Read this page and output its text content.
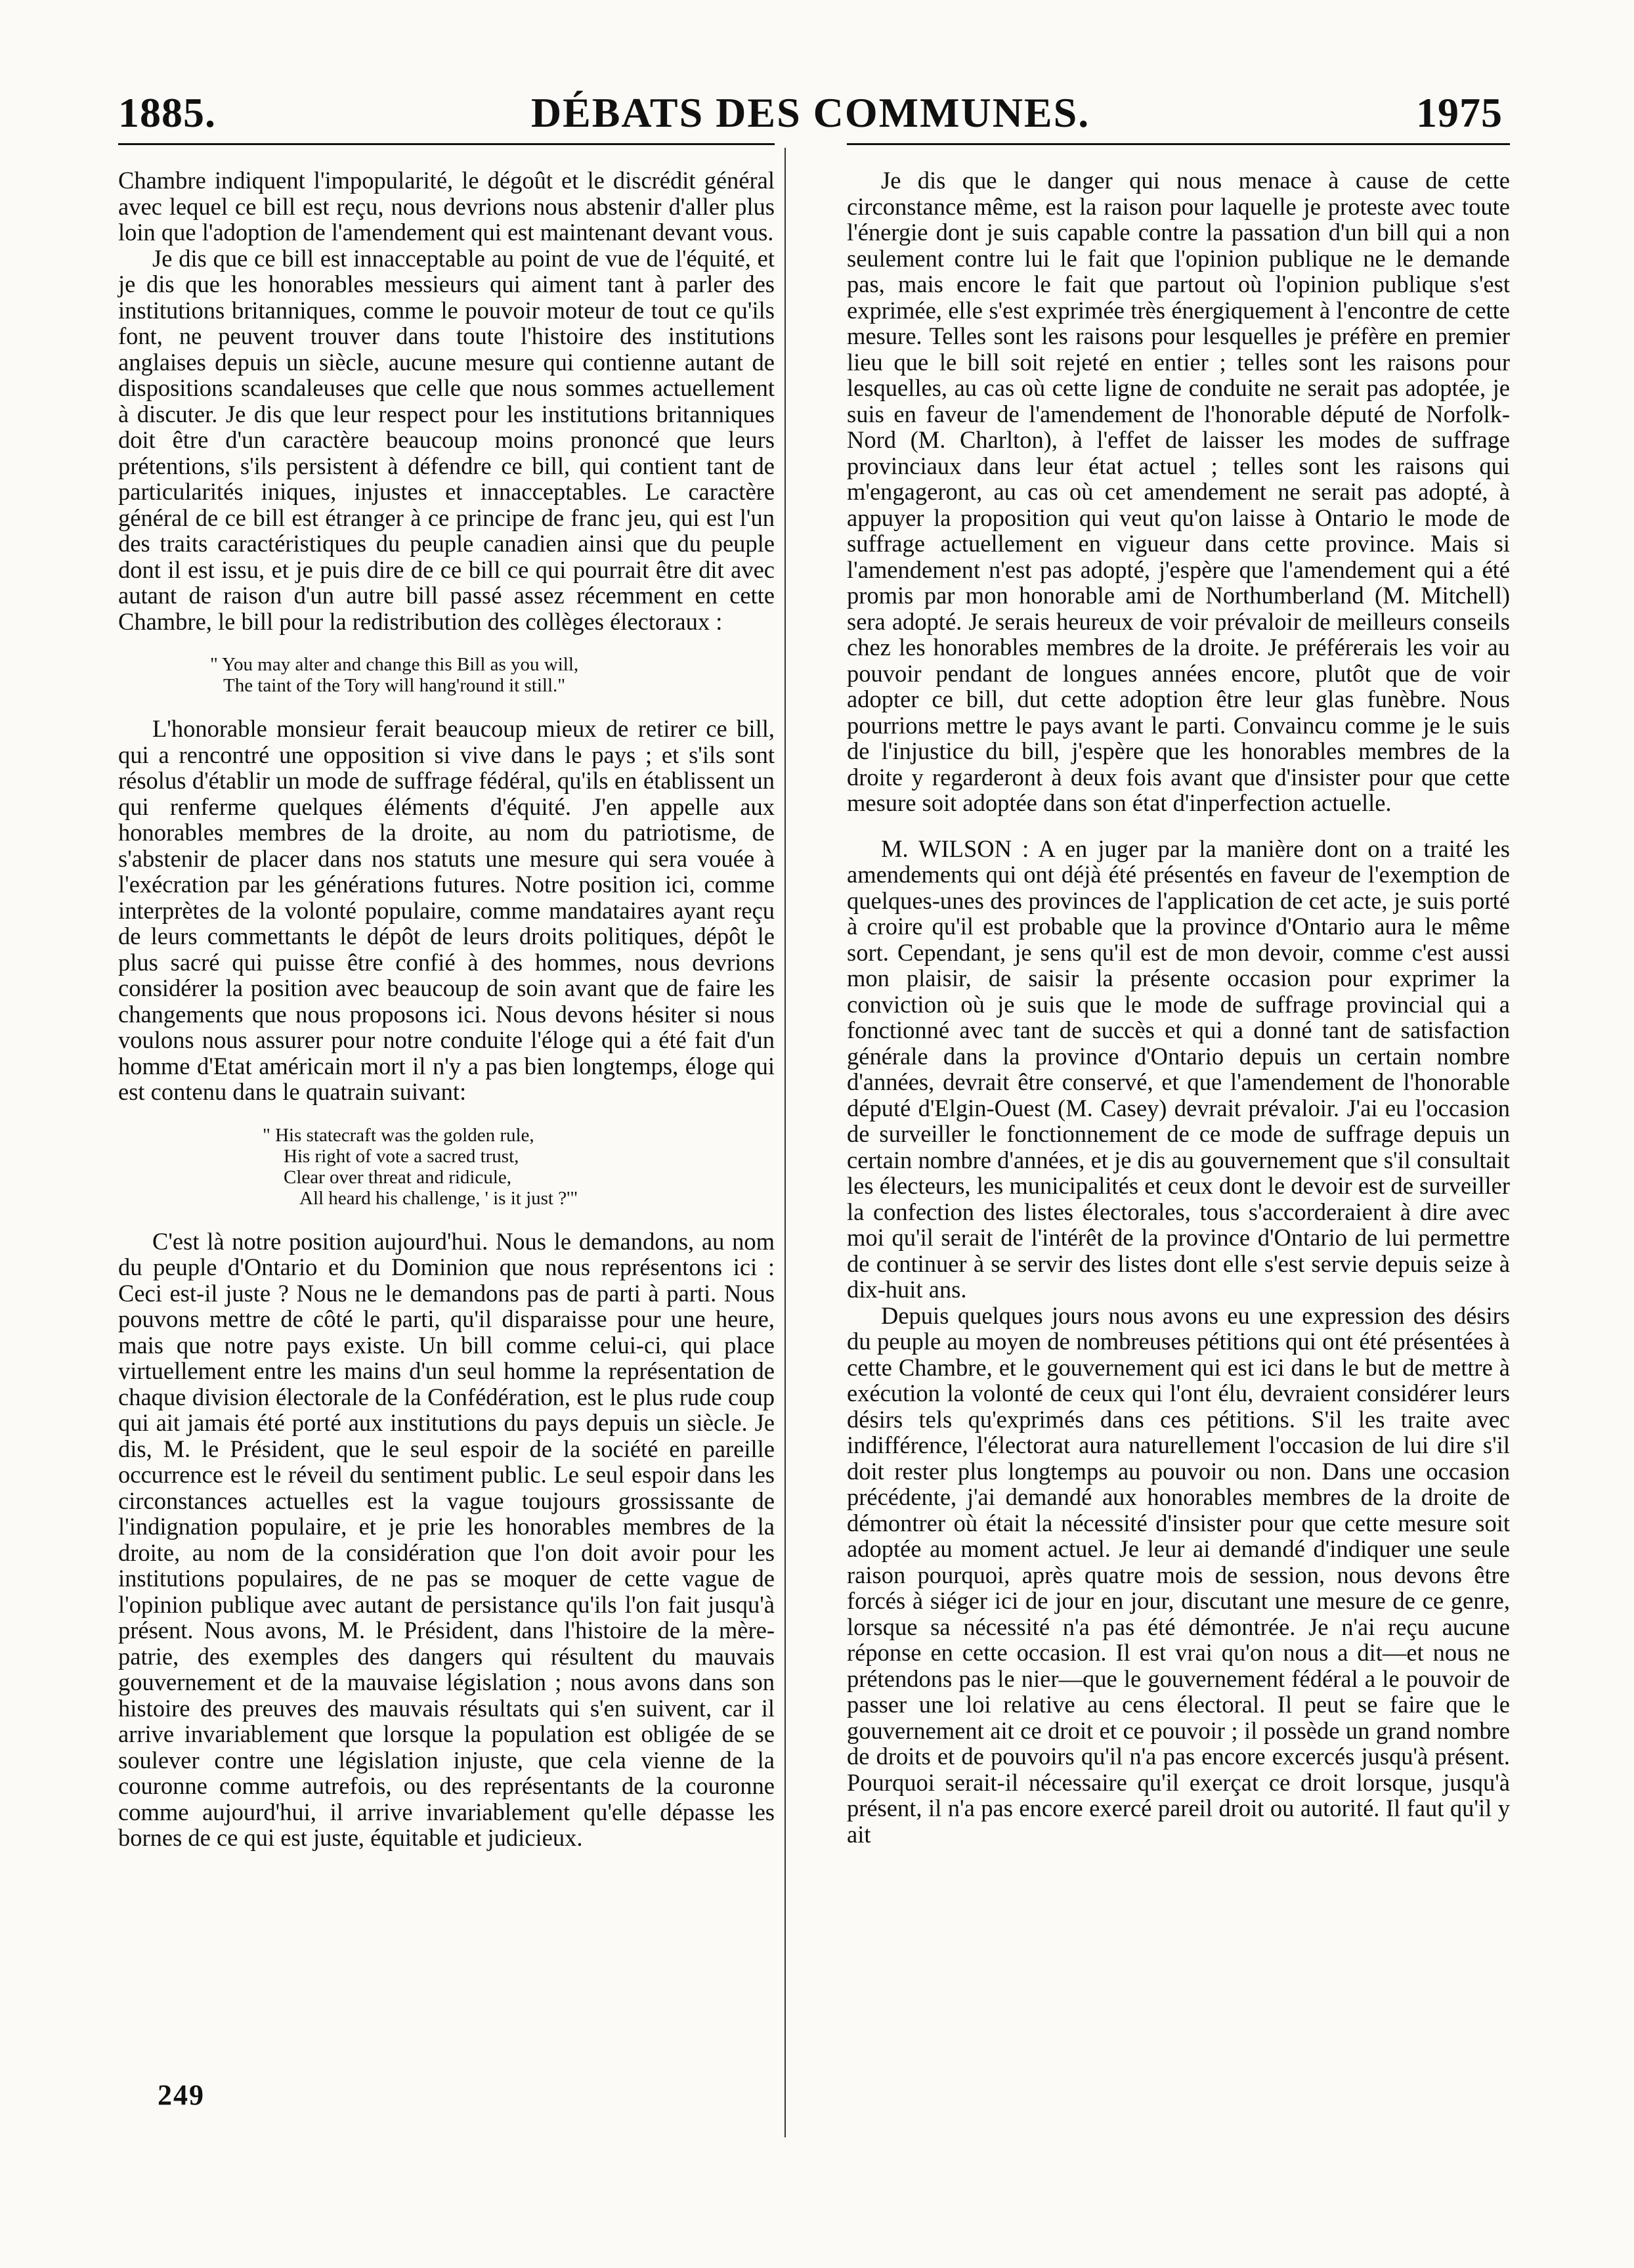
1885.	DÉBATS DES COMMUNES.	1975

Chambre indiquent l'impopularité, le dégoût et le discrédit général avec lequel ce bill est reçu, nous devrions nous abstenir d'aller plus loin que l'adoption de l'amendement qui est maintenant devant vous.

Je dis que ce bill est innacceptable au point de vue de l'équité, et je dis que les honorables messieurs qui aiment tant à parler des institutions britanniques, comme le pouvoir moteur de tout ce qu'ils font, ne peuvent trouver dans toute l'histoire des institutions anglaises depuis un siècle, aucune mesure qui contienne autant de dispositions scandaleuses que celle que nous sommes actuellement à discuter. Je dis que leur respect pour les institutions britanniques doit être d'un caractère beaucoup moins prononcé que leurs prétentions, s'ils persistent à défendre ce bill, qui contient tant de particularités iniques, injustes et innacceptables. Le caractère général de ce bill est étranger à ce principe de franc jeu, qui est l'un des traits caractéristiques du peuple canadien ainsi que du peuple dont il est issu, et je puis dire de ce bill ce qui pourrait être dit avec autant de raison d'un autre bill passé assez récemment en cette Chambre, le bill pour la redistribution des collèges électoraux :

" You may alter and change this Bill as you will,
The taint of the Tory will hang'round it still."

L'honorable monsieur ferait beaucoup mieux de retirer ce bill, qui a rencontré une opposition si vive dans le pays ; et s'ils sont résolus d'établir un mode de suffrage fédéral, qu'ils en établissent un qui renferme quelques éléments d'équité. J'en appelle aux honorables membres de la droite, au nom du patriotisme, de s'abstenir de placer dans nos statuts une mesure qui sera vouée à l'exécration par les générations futures. Notre position ici, comme interprètes de la volonté populaire, comme mandataires ayant reçu de leurs commettants le dépôt de leurs droits politiques, dépôt le plus sacré qui puisse être confié à des hommes, nous devrions considérer la position avec beaucoup de soin avant que de faire les changements que nous proposons ici. Nous devons hésiter si nous voulons nous assurer pour notre conduite l'éloge qui a été fait d'un homme d'Etat américain mort il n'y a pas bien longtemps, éloge qui est contenu dans le quatrain suivant:

" His statecraft was the golden rule,
His right of vote a sacred trust,
Clear over threat and ridicule,
All heard his challenge, ' is it just ?'"

C'est là notre position aujourd'hui. Nous le demandons, au nom du peuple d'Ontario et du Dominion que nous représentons ici : Ceci est-il juste ? Nous ne le demandons pas de parti à parti. Nous pouvons mettre de côté le parti, qu'il disparaisse pour une heure, mais que notre pays existe. Un bill comme celui-ci, qui place virtuellement entre les mains d'un seul homme la représentation de chaque division électorale de la Confédération, est le plus rude coup qui ait jamais été porté aux institutions du pays depuis un siècle. Je dis, M. le Président, que le seul espoir de la société en pareille occurrence est le réveil du sentiment public. Le seul espoir dans les circonstances actuelles est la vague toujours grossissante de l'indignation populaire, et je prie les honorables membres de la droite, au nom de la considération que l'on doit avoir pour les institutions populaires, de ne pas se moquer de cette vague de l'opinion publique avec autant de persistance qu'ils l'on fait jusqu'à présent. Nous avons, M. le Président, dans l'histoire de la mère-patrie, des exemples des dangers qui résultent du mauvais gouvernement et de la mauvaise législation ; nous avons dans son histoire des preuves des mauvais résultats qui s'en suivent, car il arrive invariablement que lorsque la population est obligée de se soulever contre une législation injuste, que cela vienne de la couronne comme autrefois, ou des représentants de la couronne comme aujourd'hui, il arrive invariablement qu'elle dépasse les bornes de ce qui est juste, équitable et judicieux.

Je dis que le danger qui nous menace à cause de cette circonstance même, est la raison pour laquelle je proteste avec toute l'énergie dont je suis capable contre la passation d'un bill qui a non seulement contre lui le fait que l'opinion publique ne le demande pas, mais encore le fait que partout où l'opinion publique s'est exprimée, elle s'est exprimée très énergiquement à l'encontre de cette mesure. Telles sont les raisons pour lesquelles je préfère en premier lieu que le bill soit rejeté en entier ; telles sont les raisons pour lesquelles, au cas où cette ligne de conduite ne serait pas adoptée, je suis en faveur de l'amendement de l'honorable député de Norfolk-Nord (M. Charlton), à l'effet de laisser les modes de suffrage provinciaux dans leur état actuel ; telles sont les raisons qui m'engageront, au cas où cet amendement ne serait pas adopté, à appuyer la proposition qui veut qu'on laisse à Ontario le mode de suffrage actuellement en vigueur dans cette province. Mais si l'amendement n'est pas adopté, j'espère que l'amendement qui a été promis par mon honorable ami de Northumberland (M. Mitchell) sera adopté. Je serais heureux de voir prévaloir de meilleurs conseils chez les honorables membres de la droite. Je préférerais les voir au pouvoir pendant de longues années encore, plutôt que de voir adopter ce bill, dut cette adoption être leur glas funèbre. Nous pourrions mettre le pays avant le parti. Convaincu comme je le suis de l'injustice du bill, j'espère que les honorables membres de la droite y regarderont à deux fois avant que d'insister pour que cette mesure soit adoptée dans son état d'inperfection actuelle.

M. WILSON : A en juger par la manière dont on a traité les amendements qui ont déjà été présentés en faveur de l'exemption de quelques-unes des provinces de l'application de cet acte, je suis porté à croire qu'il est probable que la province d'Ontario aura le même sort. Cependant, je sens qu'il est de mon devoir, comme c'est aussi mon plaisir, de saisir la présente occasion pour exprimer la conviction où je suis que le mode de suffrage provincial qui a fonctionné avec tant de succès et qui a donné tant de satisfaction générale dans la province d'Ontario depuis un certain nombre d'années, devrait être conservé, et que l'amendement de l'honorable député d'Elgin-Ouest (M. Casey) devrait prévaloir. J'ai eu l'occasion de surveiller le fonctionnement de ce mode de suffrage depuis un certain nombre d'années, et je dis au gouvernement que s'il consultait les électeurs, les municipalités et ceux dont le devoir est de surveiller la confection des listes électorales, tous s'accorderaient à dire avec moi qu'il serait de l'intérêt de la province d'Ontario de lui permettre de continuer à se servir des listes dont elle s'est servie depuis seize à dix-huit ans.

Depuis quelques jours nous avons eu une expression des désirs du peuple au moyen de nombreuses pétitions qui ont été présentées à cette Chambre, et le gouvernement qui est ici dans le but de mettre à exécution la volonté de ceux qui l'ont élu, devraient considérer leurs désirs tels qu'exprimés dans ces pétitions. S'il les traite avec indifférence, l'électorat aura naturellement l'occasion de lui dire s'il doit rester plus longtemps au pouvoir ou non. Dans une occasion précédente, j'ai demandé aux honorables membres de la droite de démontrer où était la nécessité d'insister pour que cette mesure soit adoptée au moment actuel. Je leur ai demandé d'indiquer une seule raison pourquoi, après quatre mois de session, nous devons être forcés à siéger ici de jour en jour, discutant une mesure de ce genre, lorsque sa nécessité n'a pas été démontrée. Je n'ai reçu aucune réponse en cette occasion. Il est vrai qu'on nous a dit—et nous ne prétendons pas le nier—que le gouvernement fédéral a le pouvoir de passer une loi relative au cens électoral. Il peut se faire que le gouvernement ait ce droit et ce pouvoir ; il possède un grand nombre de droits et de pouvoirs qu'il n'a pas encore excercés jusqu'à présent. Pourquoi serait-il nécessaire qu'il exerçat ce droit lorsque, jusqu'à présent, il n'a pas encore exercé pareil droit ou autorité. Il faut qu'il y ait

249
